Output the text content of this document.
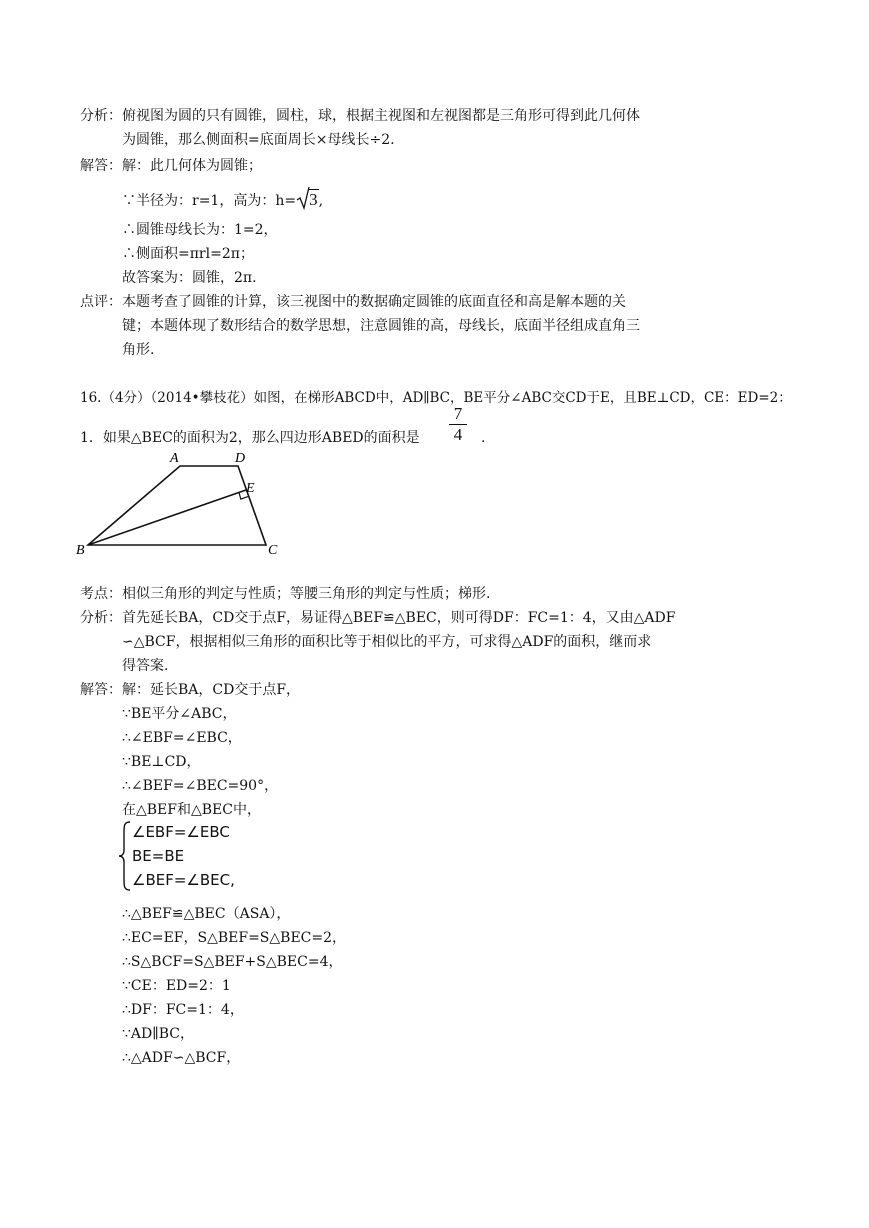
分析：俯视图为圆的只有圆锥，圆柱，球，根据主视图和左视图都是三角形可得到此几何体
为圆锥，那么侧面积=底面周长×母线长÷2.
解答：解：此几何体为圆锥；
∵半径为：r=1，高为：h= 3,
∴圆锥母线长为：1=2，
∴侧面积=πrl=2π；
故答案为：圆锥，2π.
点评：本题考查了圆锥的计算，该三视图中的数据确定圆锥的底面直径和高是解本题的关
键；本题体现了数形结合的数学思想，注意圆锥的高，母线长，底面半径组成直角三
角形.
16.（4分）（2014•攀枝花）如图，在梯形ABCD中，AD∥BC，BE平分∠ABC交CD于E，且BE⊥CD，CE：ED=2：
1．如果△BEC的面积为2，那么四边形ABED的面积是
7
4	.
A	D
E
B	C
考点：相似三角形的判定与性质；等腰三角形的判定与性质；梯形.
分析：首先延长BA，CD交于点F，易证得△BEF≌△BEC，则可得DF：FC=1：4，又由△ADF
∽△BCF，根据相似三角形的面积比等于相似比的平方，可求得△ADF的面积，继而求
得答案.
解答：解：延长BA，CD交于点F，
∵BE平分∠ABC，
∴∠EBF=∠EBC，
∵BE⊥CD，
∴∠BEF=∠BEC=90°，
在△BEF和△BEC中，
∠EBF=∠EBC
BE=BE
∠BEF=∠BEC,
∴△BEF≌△BEC（ASA），
∴EC=EF，S△BEF=S△BEC=2，
∴S△BCF=S△BEF+S△BEC=4，
∵CE：ED=2：1
∴DF：FC=1：4，
∵AD∥BC，
∴△ADF∽△BCF，
